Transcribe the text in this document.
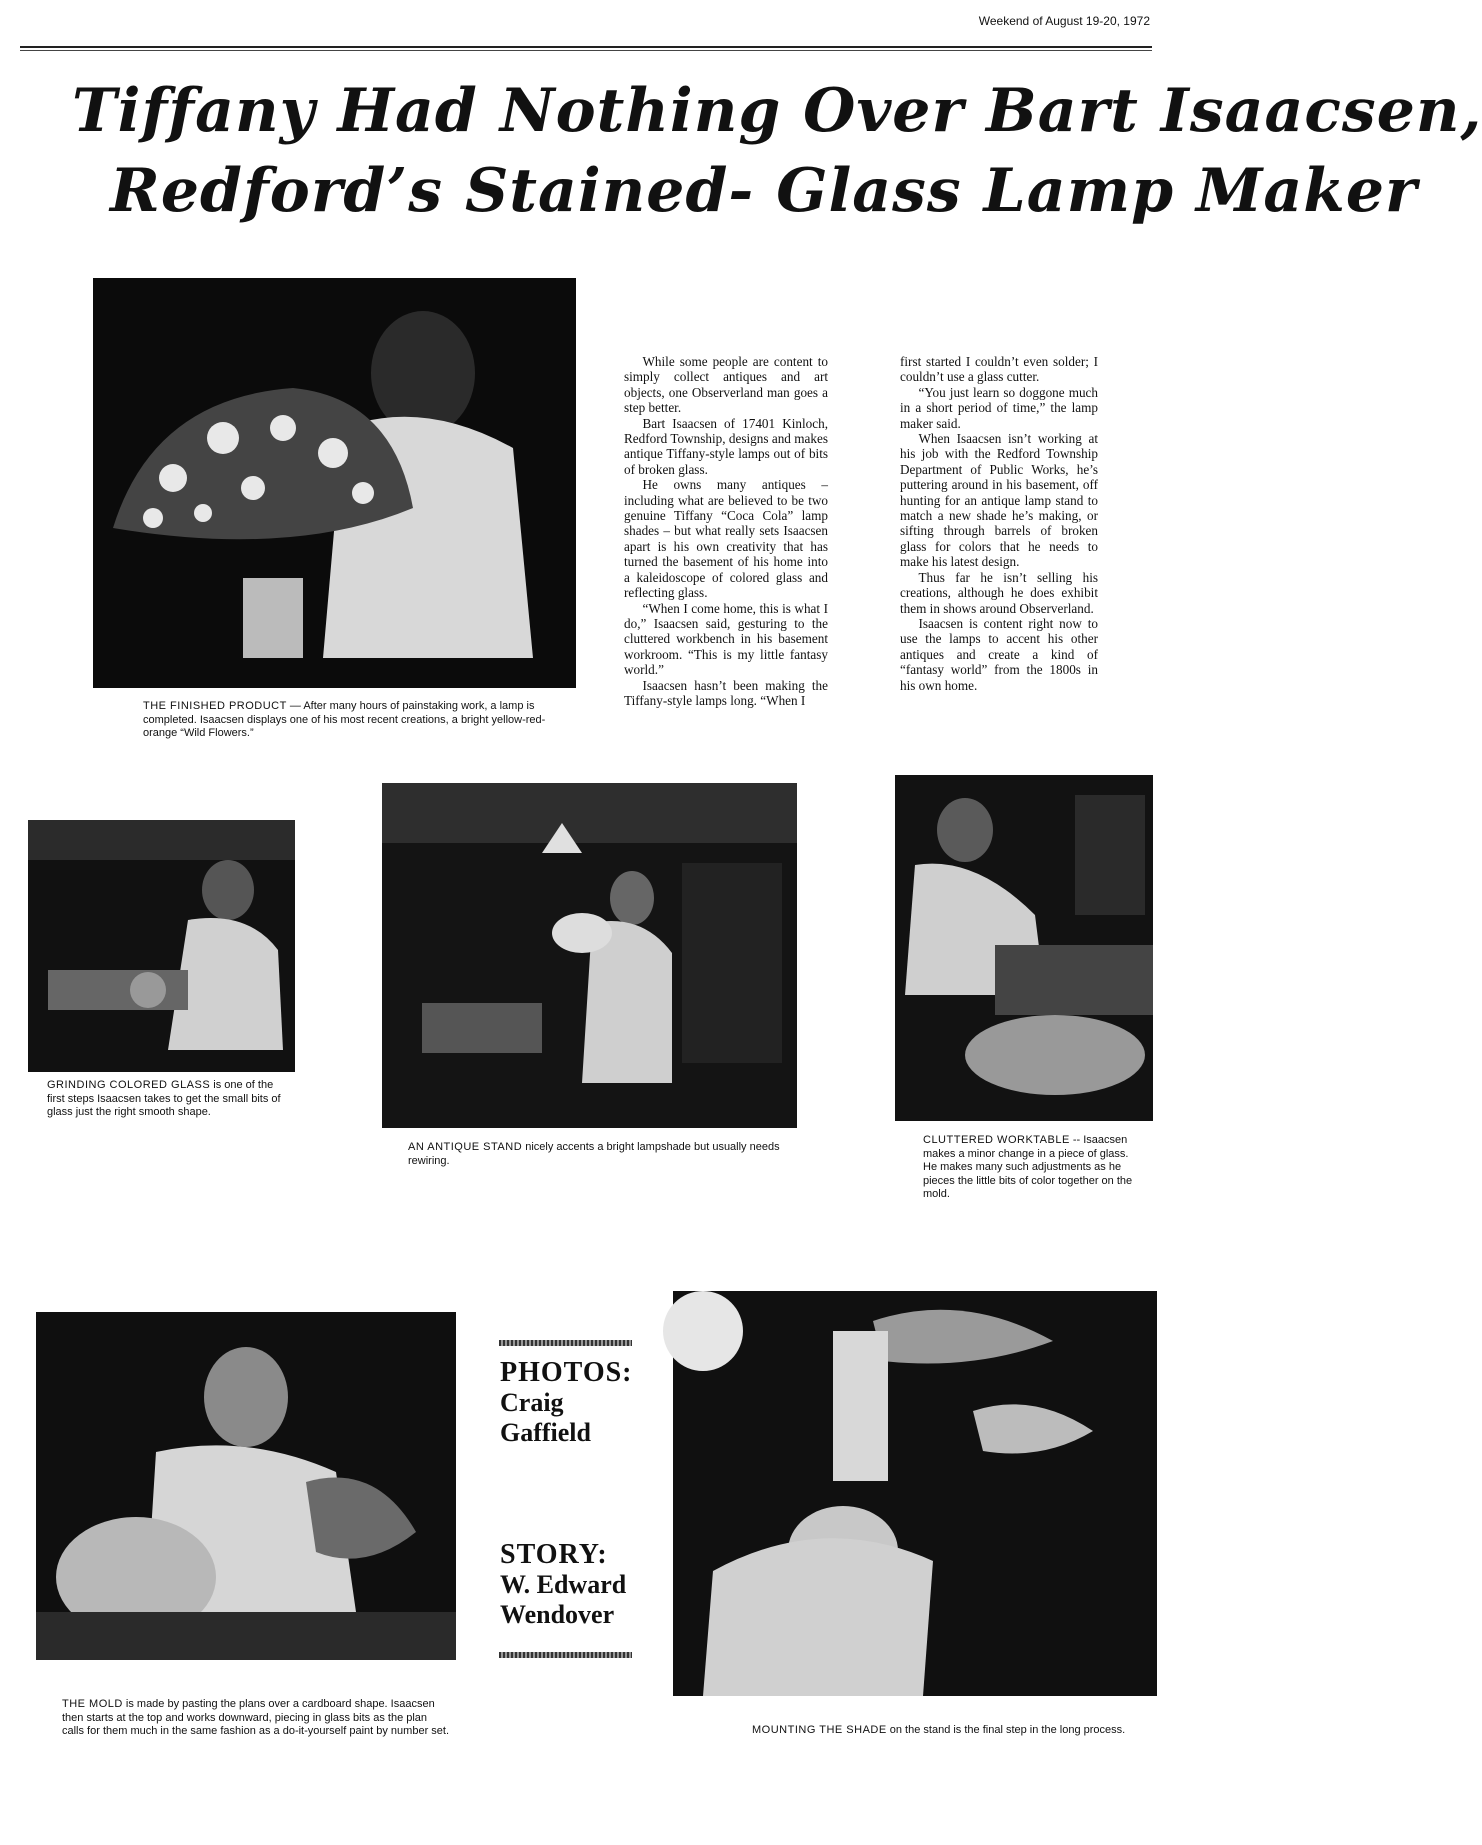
Weekend of August 19-20, 1972
Tiffany Had Nothing Over Bart Isaacsen,
Redford’s Stained- Glass Lamp Maker
THE FINISHED PRODUCT — After many hours of painstaking work, a lamp is completed. Isaacsen displays one of his most recent creations, a bright yellow-red-orange “Wild Flowers.”

While some people are content to simply collect antiques and art objects, one Observerland man goes a step better.

Bart Isaacsen of 17401 Kinloch, Redford Township, designs and makes antique Tiffany-style lamps out of bits of broken glass.

He owns many antiques – including what are believed to be two genuine Tiffany “Coca Cola” lamp shades – but what really sets Isaacsen apart is his own creativity that has turned the basement of his home into a kaleidoscope of colored glass and reflecting glass.

“When I come home, this is what I do,” Isaacsen said, gesturing to the cluttered workbench in his basement workroom. “This is my little fantasy world.”

Isaacsen hasn’t been making the Tiffany-style lamps long. “When I

first started I couldn’t even solder; I couldn’t use a glass cutter.

“You just learn so doggone much in a short period of time,” the lamp maker said.

When Isaacsen isn’t working at his job with the Redford Township Department of Public Works, he’s puttering around in his basement, off hunting for an antique lamp stand to match a new shade he’s making, or sifting through barrels of broken glass for colors that he needs to make his latest design.

Thus far he isn’t selling his creations, although he does exhibit them in shows around Observerland.

Isaacsen is content right now to use the lamps to accent his other antiques and create a kind of “fantasy world” from the 1800s in his own home.

GRINDING COLORED GLASS is one of the first steps Isaacsen takes to get the small bits of glass just the right smooth shape.
AN ANTIQUE STAND nicely accents a bright lampshade but usually needs rewiring.
CLUTTERED WORKTABLE -- Isaacsen makes a minor change in a piece of glass. He makes many such adjustments as he pieces the little bits of color together on the mold.
THE MOLD is made by pasting the plans over a cardboard shape. Isaacsen then starts at the top and works downward, piecing in glass bits as the plan calls for them much in the same fashion as a do-it-yourself paint by number set.
PHOTOS:
Craig
Gaffield
STORY:
W. Edward
Wendover
MOUNTING THE SHADE on the stand is the final step in the long process.
